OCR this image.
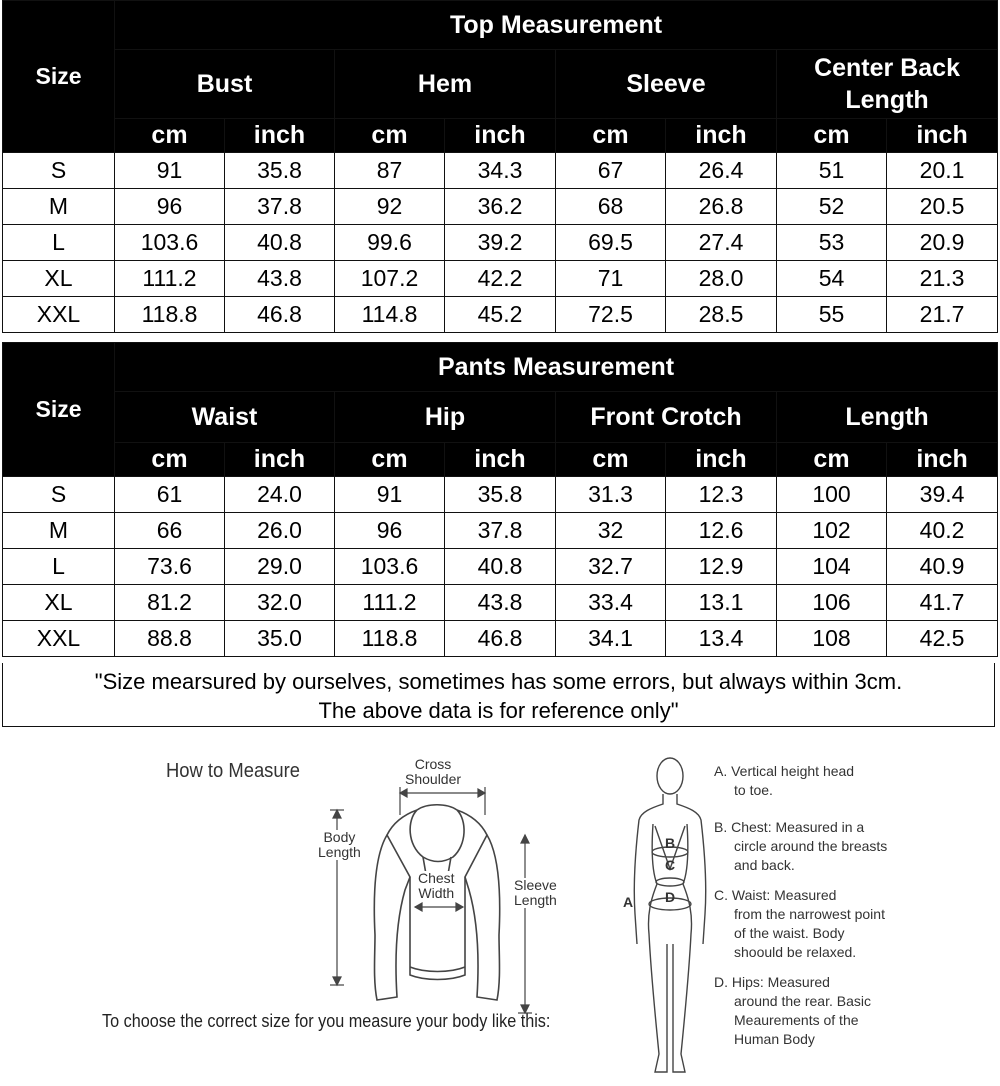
Size	Top Measurement							
	Bust		Hem		Sleeve		Center Back Length	
	cm	inch	cm	inch	cm	inch	cm	inch
S	91	35.8	87	34.3	67	26.4	51	20.1
M	96	37.8	92	36.2	68	26.8	52	20.5
L	103.6	40.8	99.6	39.2	69.5	27.4	53	20.9
XL	111.2	43.8	107.2	42.2	71	28.0	54	21.3
XXL	118.8	46.8	114.8	45.2	72.5	28.5	55	21.7
Size	Pants Measurement							
	Waist		Hip		Front Crotch		Length	
	cm	inch	cm	inch	cm	inch	cm	inch
S	61	24.0	91	35.8	31.3	12.3	100	39.4
M	66	26.0	96	37.8	32	12.6	102	40.2
L	73.6	29.0	103.6	40.8	32.7	12.9	104	40.9
XL	81.2	32.0	111.2	43.8	33.4	13.1	106	41.7
XXL	88.8	35.0	118.8	46.8	34.1	13.4	108	42.5
"Size mearsured by ourselves, sometimes has some errors, but always within 3cm.
The above data is for reference only"
How to Measure	Cross
Shoulder
Body
Length
Chest
Width	Sleeve
Length
To choose the correct size for you measure your body like this:
B
C
D
A

A. Vertical height head
to toe.

B. Chest: Measured in a
circle around the breasts and back.

C. Waist: Measured
from the narrowest point of the waist. Body shoould be relaxed.

D. Hips: Measured
around the rear. Basic Meaurements of the Human Body
